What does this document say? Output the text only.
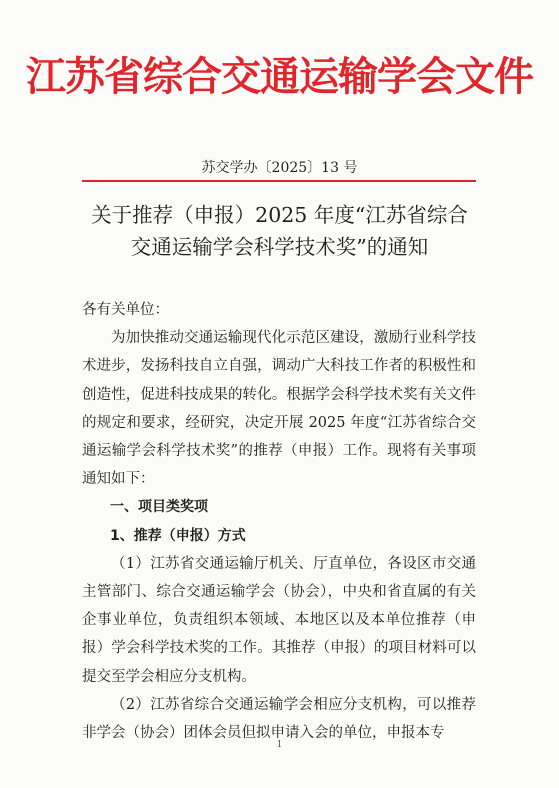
江苏省综合交通运输学会文件
苏交学办〔2025〕13 号
关于推荐（申报）2025 年度“江苏省综合
交通运输学会科学技术奖”的通知

各有关单位：

为加快推动交通运输现代化示范区建设，激励行业科学技术进步，发扬科技自立自强，调动广大科技工作者的积极性和创造性，促进科技成果的转化。根据学会科学技术奖有关文件的规定和要求，经研究，决定开展 2025 年度“江苏省综合交通运输学会科学技术奖”的推荐（申报）工作。现将有关事项通知如下：

一、项目类奖项

1、推荐（申报）方式

（1）江苏省交通运输厅机关、厅直单位，各设区市交通主管部门、综合交通运输学会（协会），中央和省直属的有关企事业单位，负责组织本领域、本地区以及本单位推荐（申报）学会科学技术奖的工作。其推荐（申报）的项目材料可以提交至学会相应分支机构。

（2）江苏省综合交通运输学会相应分支机构，可以推荐非学会（协会）团体会员但拟申请入会的单位，申报本专

1
